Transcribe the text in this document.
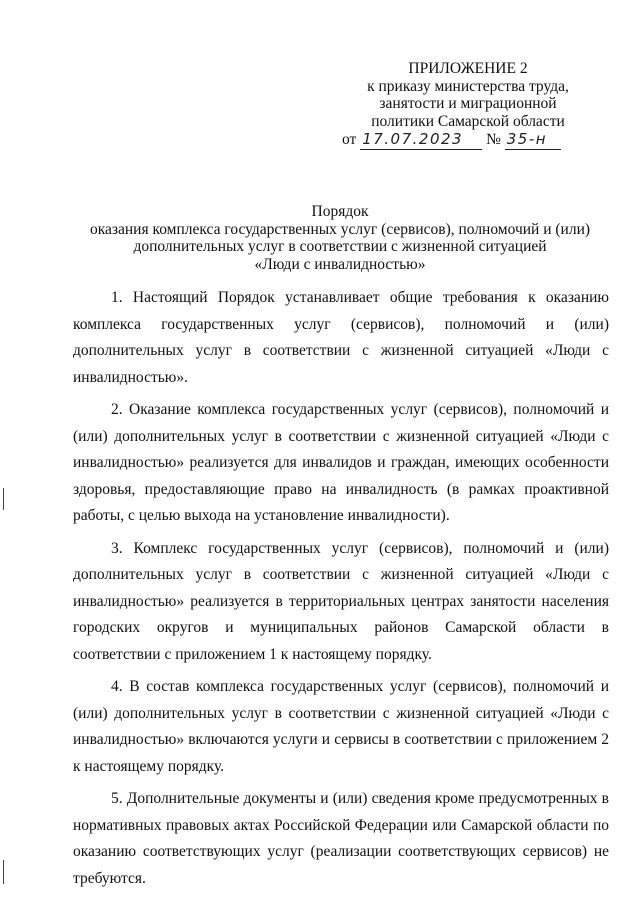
ПРИЛОЖЕНИЕ 2
к приказу министерства труда,
занятости и миграционной
политики Самарской области
от 17.07.2023 № 35-н
Порядок
оказания комплекса государственных услуг (сервисов), полномочий и (или)
дополнительных услуг в соответствии с жизненной ситуацией
«Люди с инвалидностью»

1. Настоящий Порядок устанавливает общие требования к оказанию комплекса государственных услуг (сервисов), полномочий и (или) дополнительных услуг в соответствии с жизненной ситуацией «Люди с инвалидностью».

2. Оказание комплекса государственных услуг (сервисов), полномочий и (или) дополнительных услуг в соответствии с жизненной ситуацией «Люди с инвалидностью» реализуется для инвалидов и граждан, имеющих особенности здоровья, предоставляющие право на инвалидность (в рамках проактивной работы, с целью выхода на установление инвалидности).

3. Комплекс государственных услуг (сервисов), полномочий и (или) дополнительных услуг в соответствии с жизненной ситуацией «Люди с инвалидностью» реализуется в территориальных центрах занятости населения городских округов и муниципальных районов Самарской области в соответствии с приложением 1 к настоящему порядку.

4. В состав комплекса государственных услуг (сервисов), полномочий и (или) дополнительных услуг в соответствии с жизненной ситуацией «Люди с инвалидностью» включаются услуги и сервисы в соответствии с приложением 2 к настоящему порядку.

5. Дополнительные документы и (или) сведения кроме предусмотренных в нормативных правовых актах Российской Федерации или Самарской области по оказанию соответствующих услуг (реализации соответствующих сервисов) не требуются.
